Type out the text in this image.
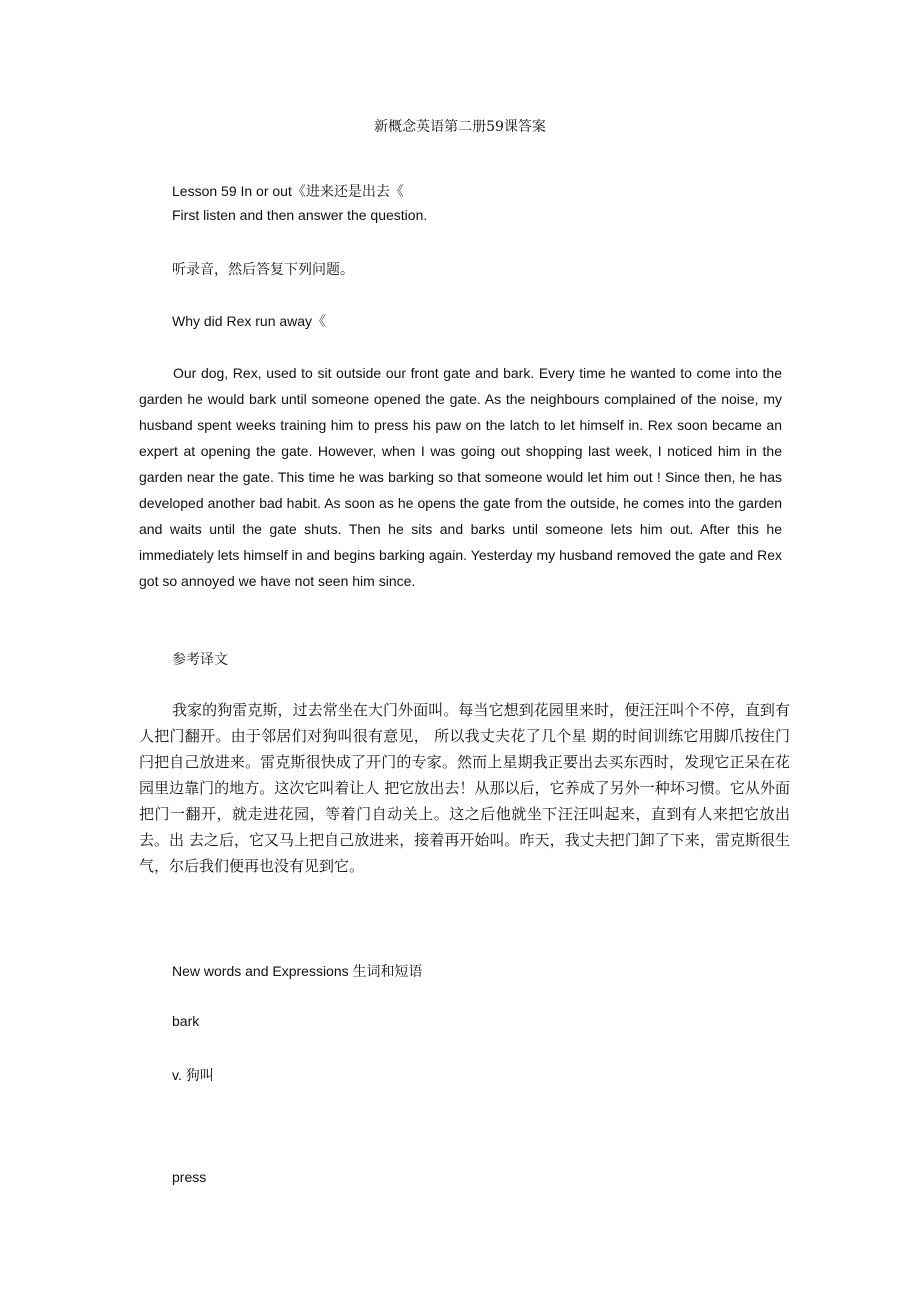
新概念英语第二册59课答案
Lesson 59 In or out《进来还是出去《
First listen and then answer the question.
听录音，然后答复下列问题。
Why did Rex run away《

Our dog, Rex, used to sit outside our front gate and bark. Every time he wanted to come into the garden he would bark until someone opened the gate. As the neighbours complained of the noise, my husband spent weeks training him to press his paw on the latch to let himself in. Rex soon became an expert at opening the gate. However, when I was going out shopping last week, I noticed him in the garden near the gate. This time he was barking so that someone would let him out ! Since then, he has developed another bad habit. As soon as he opens the gate from the outside, he comes into the garden and waits until the gate shuts. Then he sits and barks until someone lets him out. After this he immediately lets himself in and begins barking again. Yesterday my husband removed the gate and Rex got so annoyed we have not seen him since.

参考译文

我家的狗雷克斯，过去常坐在大门外面叫。每当它想到花园里来时，便汪汪叫个不停，直到有人把门翻开。由于邻居们对狗叫很有意见， 所以我丈夫花了几个星 期的时间训练它用脚爪按住门闩把自己放进来。雷克斯很快成了开门的专家。然而上星期我正要出去买东西时，发现它正呆在花园里边靠门的地方。这次它叫着让人 把它放出去！从那以后，它养成了另外一种坏习惯。它从外面把门一翻开，就走进花园，等着门自动关上。这之后他就坐下汪汪叫起来，直到有人来把它放出去。出 去之后，它又马上把自己放进来，接着再开始叫。昨天，我丈夫把门卸了下来，雷克斯很生气，尔后我们便再也没有见到它。

New words and Expressions 生词和短语
bark
v. 狗叫
press
